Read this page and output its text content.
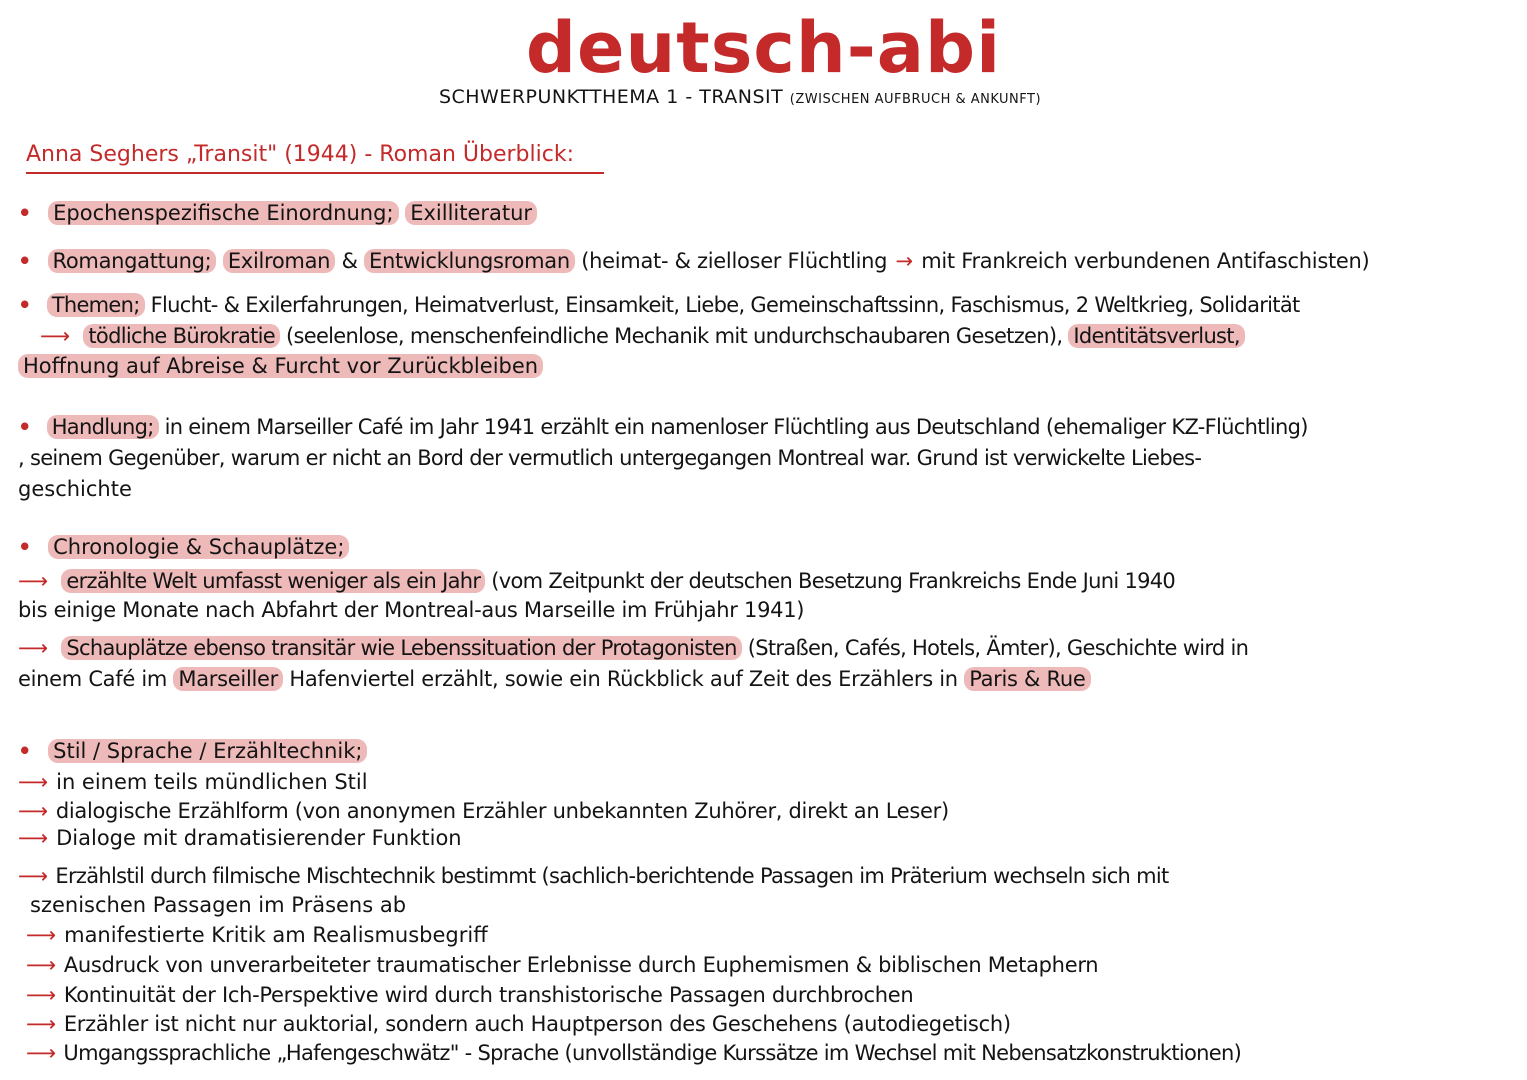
deutsch-abi
SCHWERPUNKTTHEMA 1 - TRANSIT (ZWISCHEN AUFBRUCH & ANKUNFT)
Anna Seghers „Transit" (1944) - Roman Überblick:
• Epochenspezifische Einordnung; Exilliteratur
• Romangattung; Exilroman & Entwicklungsroman (heimat- & zielloser Flüchtling → mit Frankreich verbundenen Antifaschisten)
• Themen; Flucht- & Exilerfahrungen, Heimatverlust, Einsamkeit, Liebe, Gemeinschaftssinn, Faschismus, 2 Weltkrieg, Solidarität
⟶ tödliche Bürokratie (seelenlose, menschenfeindliche Mechanik mit undurchschaubaren Gesetzen), Identitätsverlust,
Hoffnung auf Abreise & Furcht vor Zurückbleiben
• Handlung; in einem Marseiller Café im Jahr 1941 erzählt ein namenloser Flüchtling aus Deutschland (ehemaliger KZ-Flüchtling)
, seinem Gegenüber, warum er nicht an Bord der vermutlich untergegangen Montreal war. Grund ist verwickelte Liebes-
geschichte
• Chronologie & Schauplätze;
⟶ erzählte Welt umfasst weniger als ein Jahr (vom Zeitpunkt der deutschen Besetzung Frankreichs Ende Juni 1940
bis einige Monate nach Abfahrt der Montreal-aus Marseille im Frühjahr 1941)
⟶ Schauplätze ebenso transitär wie Lebenssituation der Protagonisten (Straßen, Cafés, Hotels, Ämter), Geschichte wird in
einem Café im Marseiller Hafenviertel erzählt, sowie ein Rückblick auf Zeit des Erzählers in Paris & Rue
• Stil / Sprache / Erzähltechnik;
⟶ in einem teils mündlichen Stil
⟶ dialogische Erzählform (von anonymen Erzähler unbekannten Zuhörer, direkt an Leser)
⟶ Dialoge mit dramatisierender Funktion
⟶ Erzählstil durch filmische Mischtechnik bestimmt (sachlich-berichtende Passagen im Präterium wechseln sich mit
szenischen Passagen im Präsens ab
⟶ manifestierte Kritik am Realismusbegriff
⟶ Ausdruck von unverarbeiteter traumatischer Erlebnisse durch Euphemismen & biblischen Metaphern
⟶ Kontinuität der Ich-Perspektive wird durch transhistorische Passagen durchbrochen
⟶ Erzähler ist nicht nur auktorial, sondern auch Hauptperson des Geschehens (autodiegetisch)
⟶ Umgangssprachliche „Hafengeschwätz" - Sprache (unvollständige Kurssätze im Wechsel mit Nebensatzkonstruktionen)
